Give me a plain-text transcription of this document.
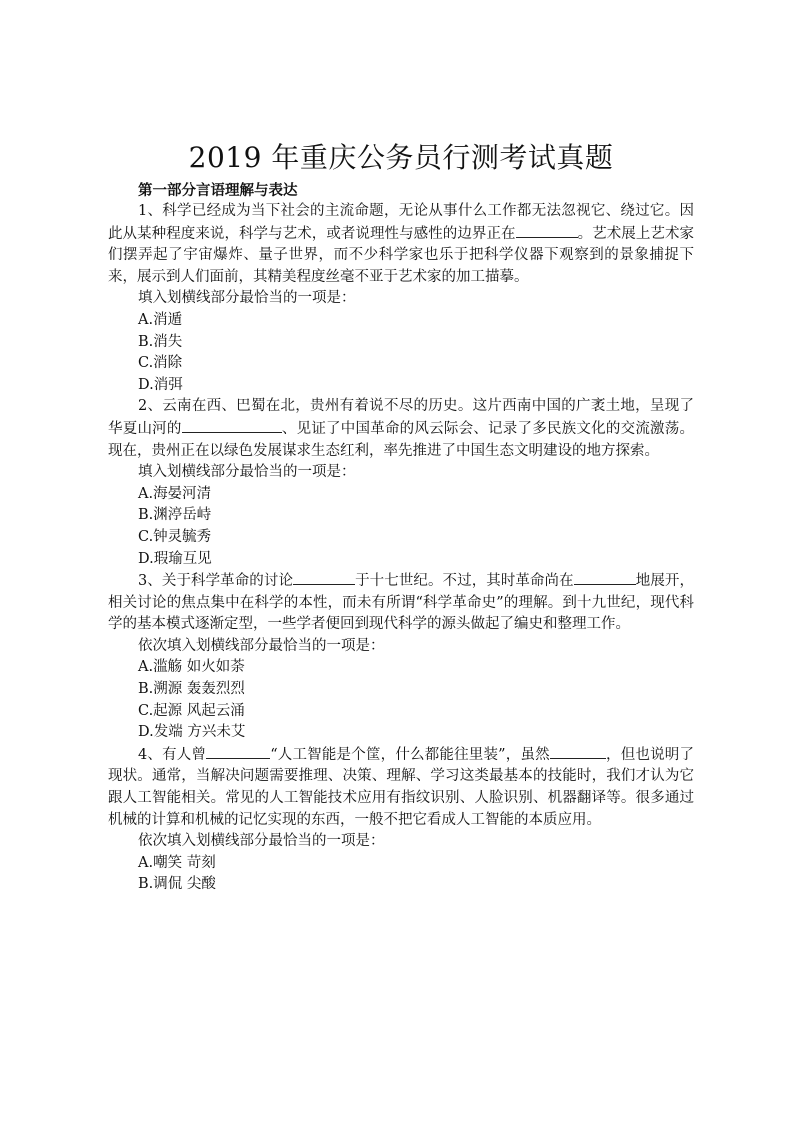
2019 年重庆公务员行测考试真题
第一部分言语理解与表达

1、科学已经成为当下社会的主流命题，无论从事什么工作都无法忽视它、绕过它。因此从某种程度来说，科学与艺术，或者说理性与感性的边界正在	。艺术展上艺术家们摆弄起了宇宙爆炸、量子世界，而不少科学家也乐于把科学仪器下观察到的景象捕捉下来，展示到人们面前，其精美程度丝毫不亚于艺术家的加工描摹。

填入划横线部分最恰当的一项是：

A.消遁

B.消失

C.消除

D.消弭

2、云南在西、巴蜀在北，贵州有着说不尽的历史。这片西南中国的广袤土地，呈现了华夏山河的	、见证了中国革命的风云际会、记录了多民族文化的交流激荡。现在，贵州正在以绿色发展谋求生态红利，率先推进了中国生态文明建设的地方探索。

填入划横线部分最恰当的一项是：

A.海晏河清

B.渊渟岳峙

C.钟灵毓秀

D.瑕瑜互见

3、关于科学革命的讨论	于十七世纪。不过，其时革命尚在	地展开，相关讨论的焦点集中在科学的本性，而未有所谓“科学革命史”的理解。到十九世纪，现代科学的基本模式逐渐定型，一些学者便回到现代科学的源头做起了编史和整理工作。

依次填入划横线部分最恰当的一项是：

A.滥觞 如火如荼

B.溯源 轰轰烈烈

C.起源 风起云涌

D.发端 方兴未艾

4、有人曾	“人工智能是个筐，什么都能往里装”，虽然	，但也说明了现状。通常，当解决问题需要推理、决策、理解、学习这类最基本的技能时，我们才认为它跟人工智能相关。常见的人工智能技术应用有指纹识别、人脸识别、机器翻译等。很多通过机械的计算和机械的记忆实现的东西，一般不把它看成人工智能的本质应用。

依次填入划横线部分最恰当的一项是：

A.嘲笑 苛刻

B.调侃 尖酸
